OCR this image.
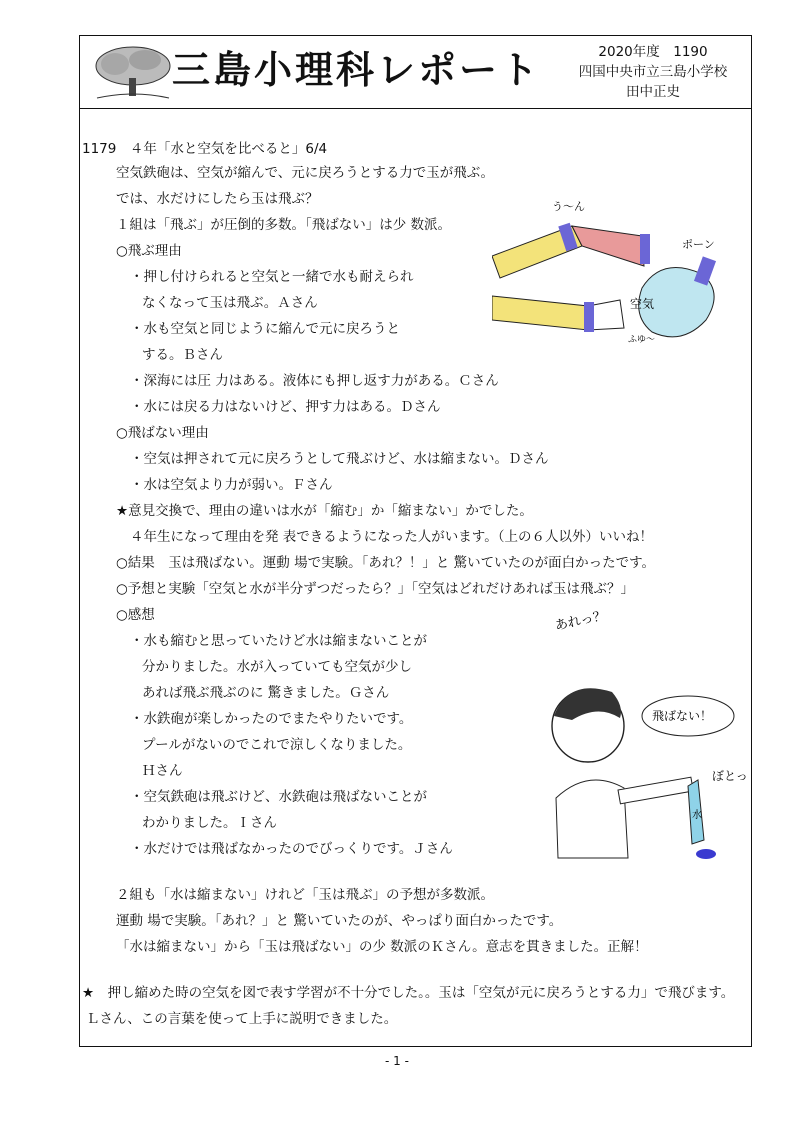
三島小理科レポート	2020年度　1190
四国中央市立三島小学校
田中正史
1179　４年「水と空気を比べると」6/4
空気鉄砲は、空気が縮んで、元に戻ろうとする力で玉が飛ぶ。
では、水だけにしたら玉は飛ぶ？
１組は「飛ぶ」が圧倒的多数。「飛ばない」は少 数派。
○飛ぶ理由
・押し付けられると空気と一緒で水も耐えられ
なくなって玉は飛ぶ。Ａさん
・水も空気と同じように縮んで元に戻ろうと
する。Ｂさん
・深海には圧 力はある。液体にも押し返す力がある。Ｃさん
・水には戻る力はないけど、押す力はある。Ｄさん
○飛ばない理由
・空気は押されて元に戻ろうとして飛ぶけど、水は縮まない。Ｄさん
・水は空気より力が弱い。Ｆさん
★意見交換で、理由の違いは水が「縮む」か「縮まない」かでした。
４年生になって理由を発 表できるようになった人がいます。（上の６人以外）いいね！
○結果　玉は飛ばない。運動 場で実験。「あれ？！」と 驚いていたのが面白かったです。
○予想と実験「空気と水が半分ずつだったら？」「空気はどれだけあれば玉は飛ぶ？」
○感想
・水も縮むと思っていたけど水は縮まないことが
分かりました。水が入っていても空気が少し
あれば飛ぶ飛ぶのに 驚きました。Ｇさん
・水鉄砲が楽しかったのでまたやりたいです。
プールがないのでこれで涼しくなりました。
Ｈさん
・空気鉄砲は飛ぶけど、水鉄砲は飛ばないことが
わかりました。Ｉさん
・水だけでは飛ばなかったのでびっくりです。Ｊさん
２組も「水は縮まない」けれど「玉は飛ぶ」の予想が多数派。
運動 場で実験。「あれ？」と 驚いていたのが、やっぱり面白かったです。
「水は縮まない」から「玉は飛ばない」の少 数派のＫさん。意志を貫きました。正解！
★　押し縮めた時の空気を図で表す学習が不十分でした。。玉は「空気が元に戻ろうとする力」で飛びます。Ｌさん、この言葉を使って上手に説明できました。
う〜ん
ポーン
空気
ふゆ〜
あれっ？
飛ばない！
ぼとっ
水
- 1 -
